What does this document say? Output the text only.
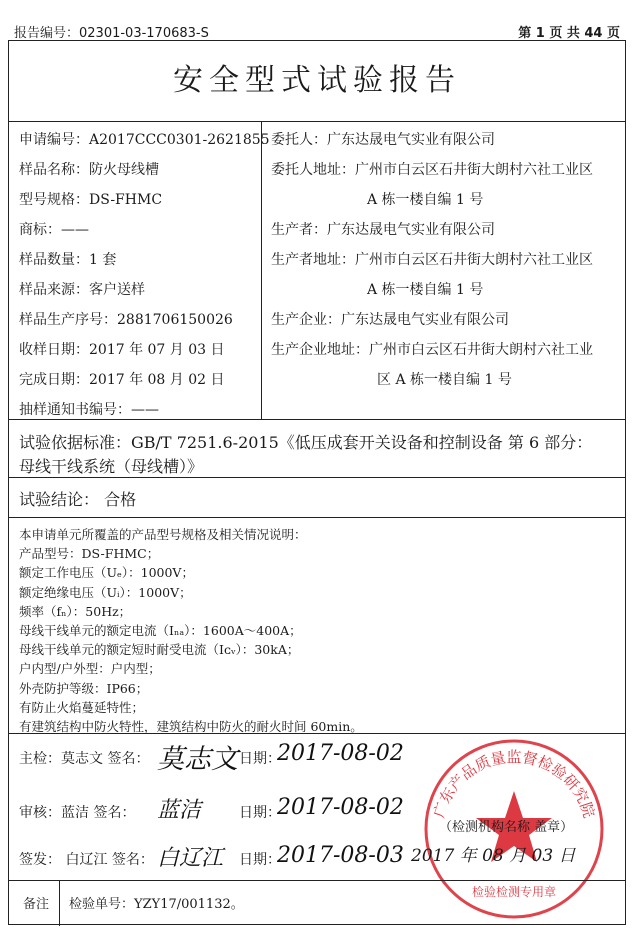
报告编号：02301-03-170683-S	第 1 页 共 44 页
安全型式试验报告
申请编号：A2017CCC0301-2621855
样品名称：防火母线槽
型号规格：DS-FHMC
商标：——
样品数量：1 套
样品来源：客户送样
样品生产序号：2881706150026
收样日期：2017 年 07 月 03 日
完成日期：2017 年 08 月 02 日
抽样通知书编号：——
委托人：广东达晟电气实业有限公司
委托人地址：广州市白云区石井街大朗村六社工业区
A 栋一楼自编 1 号
生产者：广东达晟电气实业有限公司
生产者地址：广州市白云区石井街大朗村六社工业区
A 栋一楼自编 1 号
生产企业：广东达晟电气实业有限公司
生产企业地址：广州市白云区石井街大朗村六社工业
区 A 栋一楼自编 1 号
试验依据标准：GB/T 7251.6-2015《低压成套开关设备和控制设备 第 6 部分：
母线干线系统（母线槽）》
试验结论： 合格
本申请单元所覆盖的产品型号规格及相关情况说明：
产品型号：DS-FHMC；
额定工作电压（Uₑ）：1000V；
额定绝缘电压（Uᵢ）：1000V；
频率（fₙ）：50Hz；
母线干线单元的额定电流（Iₙₐ）：1600A～400A；
母线干线单元的额定短时耐受电流（Iᴄᵥ）：30kA；
户内型/户外型：户内型；
外壳防护等级：IP66；
有防止火焰蔓延特性；
有建筑结构中防火特性，建筑结构中防火的耐火时间 60min。
主检：莫志文 签名： 莫志文 日期：
2017-08-02
审核：蓝洁 签名： 蓝洁	日期：
2017-08-02
签发： 白辽江 签名： 白辽江 日期：
2017-08-03
广东产品质量监督检验研究院
检验检测专用章
（检测机构名称 盖章）
2017 年 08 月 03 日
备注 检验单号：YZY17/001132。
